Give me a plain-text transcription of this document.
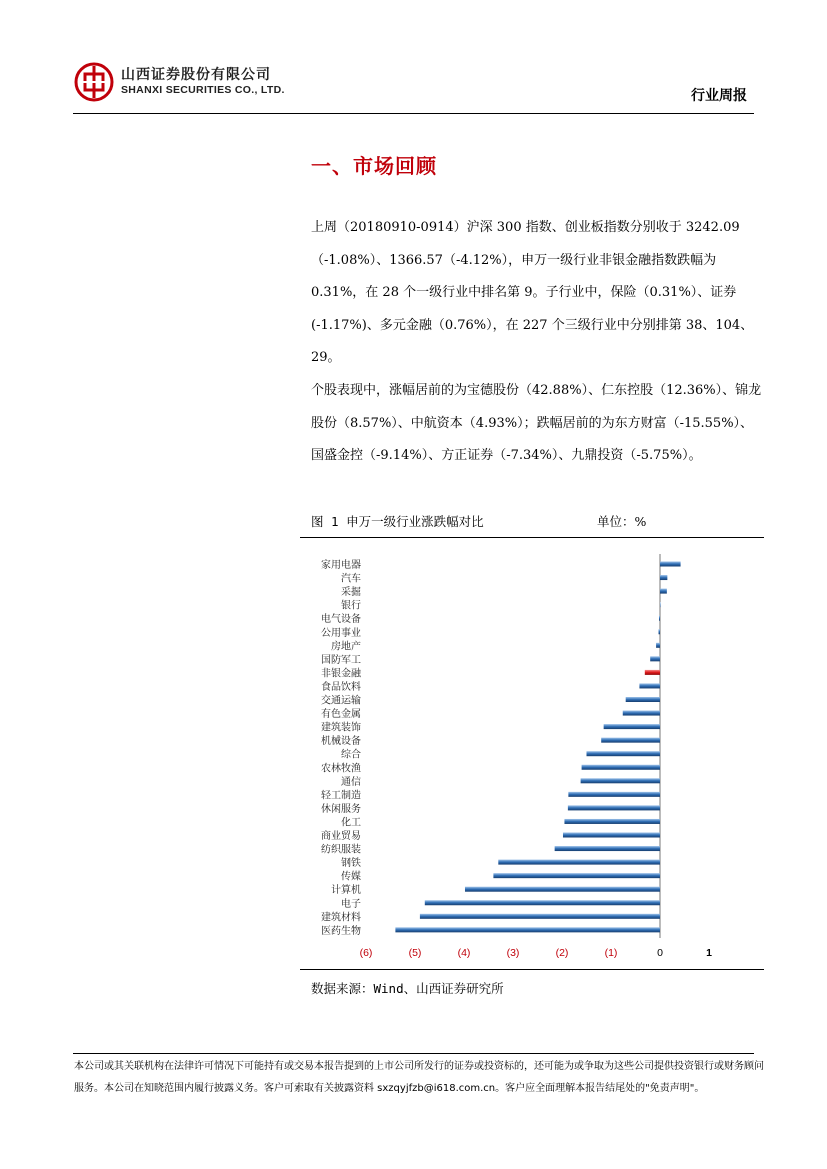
山西证券股份有限公司
SHANXI SECURITIES CO., LTD.	行业周报
一、市场回顾
上周（20180910-0914）沪深 300 指数、创业板指数分别收于 3242.09（-1.08%）、1366.57（-4.12%），申万一级行业非银金融指数跌幅为 0.31%，在 28 个一级行业中排名第 9。子行业中，保险（0.31%）、证券(-1.17%)、多元金融（0.76%），在 227 个三级行业中分别排第 38、104、29。
个股表现中，涨幅居前的为宝德股份（42.88%）、仁东控股（12.36%）、锦龙股份（8.57%）、中航资本（4.93%）；跌幅居前的为东方财富（-15.55%）、国盛金控（-9.14%）、方正证券（-7.34%）、九鼎投资（-5.75%）。
图 1 申万一级行业涨跌幅对比	单位：%
家用电器
汽车
采掘
银行
电气设备
公用事业
房地产
国防军工
非银金融
食品饮料
交通运输
有色金属
建筑装饰
机械设备
综合
农林牧渔
通信
轻工制造
休闲服务
化工
商业贸易
纺织服装
钢铁
传媒
计算机
电子
建筑材料
医药生物
(6)	(5)	(4)	(3)	(2)	(1)	0	1
数据来源：Wind、山西证券研究所
本公司或其关联机构在法律许可情况下可能持有或交易本报告提到的上市公司所发行的证券或投资标的，还可能为或争取为这些公司提供投资银行或财务顾问服务。本公司在知晓范围内履行披露义务。客户可索取有关披露资料 sxzqyjfzb@i618.com.cn。客户应全面理解本报告结尾处的"免责声明"。
